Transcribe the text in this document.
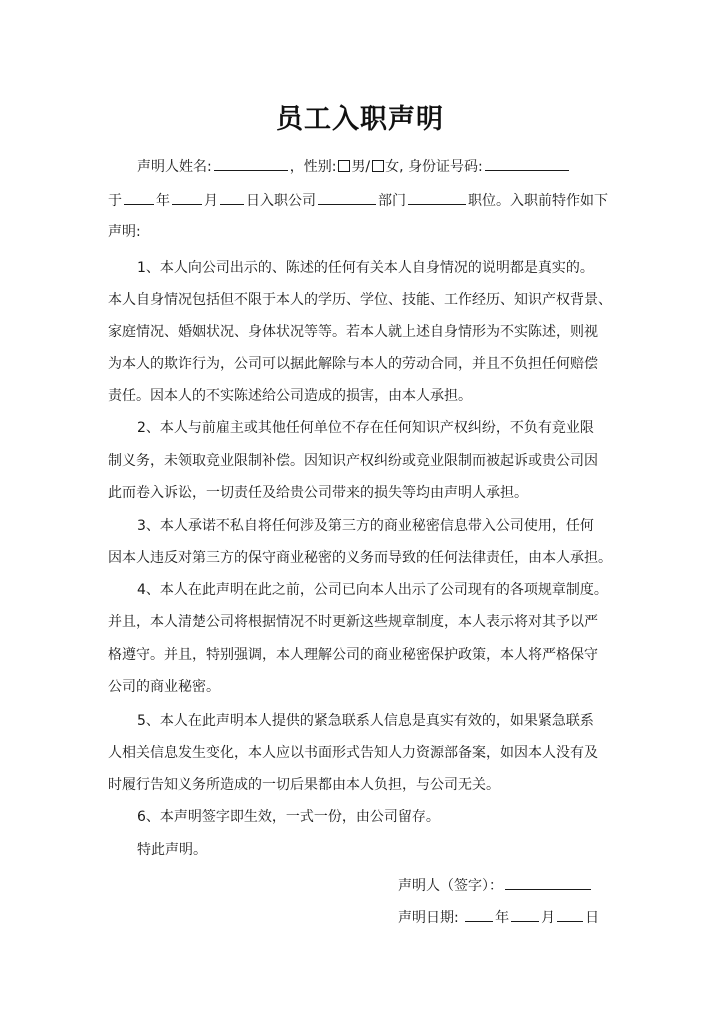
员工入职声明
声明人姓名:	，性别: 男/ 女, 身份证号码:
于 年 月 日入职公司	部门	职位。入职前特作如下
声明:
1、本人向公司出示的、陈述的任何有关本人自身情况的说明都是真实的。
本人自身情况包括但不限于本人的学历、学位、技能、工作经历、知识产权背景、
家庭情况、婚姻状况、身体状况等等。若本人就上述自身情形为不实陈述，则视
为本人的欺诈行为，公司可以据此解除与本人的劳动合同，并且不负担任何赔偿
责任。因本人的不实陈述给公司造成的损害，由本人承担。
2、本人与前雇主或其他任何单位不存在任何知识产权纠纷，不负有竞业限
制义务，未领取竞业限制补偿。因知识产权纠纷或竞业限制而被起诉或贵公司因
此而卷入诉讼，一切责任及给贵公司带来的损失等均由声明人承担。
3、本人承诺不私自将任何涉及第三方的商业秘密信息带入公司使用，任何
因本人违反对第三方的保守商业秘密的义务而导致的任何法律责任，由本人承担。
4、本人在此声明在此之前，公司已向本人出示了公司现有的各项规章制度。
并且，本人清楚公司将根据情况不时更新这些规章制度，本人表示将对其予以严
格遵守。并且，特别强调，本人理解公司的商业秘密保护政策，本人将严格保守
公司的商业秘密。
5、本人在此声明本人提供的紧急联系人信息是真实有效的，如果紧急联系
人相关信息发生变化，本人应以书面形式告知人力资源部备案，如因本人没有及
时履行告知义务所造成的一切后果都由本人负担，与公司无关。
6、本声明签字即生效，一式一份，由公司留存。
特此声明。
声明人（签字）：
声明日期:	年 月 日
